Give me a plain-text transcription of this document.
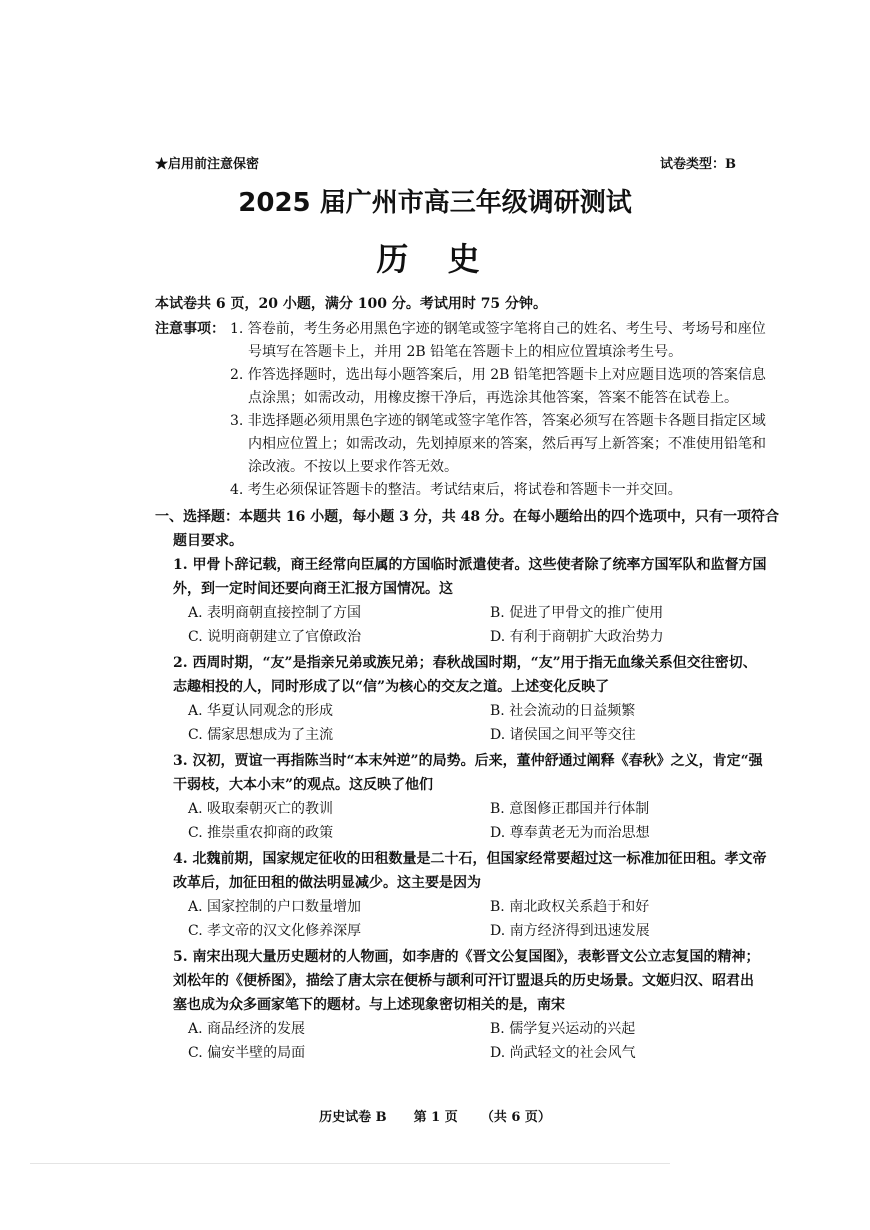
★启用前注意保密	试卷类型：B
2025 届广州市高三年级调研测试
历 史
本试卷共 6 页，20 小题，满分 100 分。考试用时 75 分钟。
注意事项： 1. 答卷前，考生务必用黑色字迹的钢笔或签字笔将自己的姓名、考生号、考场号和座位
号填写在答题卡上，并用 2B 铅笔在答题卡上的相应位置填涂考生号。
2. 作答选择题时，选出每小题答案后，用 2B 铅笔把答题卡上对应题目选项的答案信息
点涂黑；如需改动，用橡皮擦干净后，再选涂其他答案，答案不能答在试卷上。
3. 非选择题必须用黑色字迹的钢笔或签字笔作答，答案必须写在答题卡各题目指定区域
内相应位置上；如需改动，先划掉原来的答案，然后再写上新答案；不准使用铅笔和
涂改液。不按以上要求作答无效。
4. 考生必须保证答题卡的整洁。考试结束后，将试卷和答题卡一并交回。
一、选择题：本题共 16 小题，每小题 3 分，共 48 分。在每小题给出的四个选项中，只有一项符合
题目要求。
1. 甲骨卜辞记载，商王经常向臣属的方国临时派遣使者。这些使者除了统率方国军队和监督方国
外，到一定时间还要向商王汇报方国情况。这
A. 表明商朝直接控制了方国	B. 促进了甲骨文的推广使用
C. 说明商朝建立了官僚政治	D. 有利于商朝扩大政治势力
2. 西周时期，“友”是指亲兄弟或族兄弟；春秋战国时期，“友”用于指无血缘关系但交往密切、
志趣相投的人，同时形成了以“信”为核心的交友之道。上述变化反映了
A. 华夏认同观念的形成	B. 社会流动的日益频繁
C. 儒家思想成为了主流	D. 诸侯国之间平等交往
3. 汉初，贾谊一再指陈当时“本末舛逆”的局势。后来，董仲舒通过阐释《春秋》之义，肯定“强
干弱枝，大本小末”的观点。这反映了他们
A. 吸取秦朝灭亡的教训	B. 意图修正郡国并行体制
C. 推崇重农抑商的政策	D. 尊奉黄老无为而治思想
4. 北魏前期，国家规定征收的田租数量是二十石，但国家经常要超过这一标准加征田租。孝文帝
改革后，加征田租的做法明显减少。这主要是因为
A. 国家控制的户口数量增加	B. 南北政权关系趋于和好
C. 孝文帝的汉文化修养深厚	D. 南方经济得到迅速发展
5. 南宋出现大量历史题材的人物画，如李唐的《晋文公复国图》，表彰晋文公立志复国的精神；
刘松年的《便桥图》，描绘了唐太宗在便桥与颉利可汗订盟退兵的历史场景。文姬归汉、昭君出
塞也成为众多画家笔下的题材。与上述现象密切相关的是，南宋
A. 商品经济的发展	B. 儒学复兴运动的兴起
C. 偏安半壁的局面	D. 尚武轻文的社会风气
历史试卷 B 第 1 页 （共 6 页）
